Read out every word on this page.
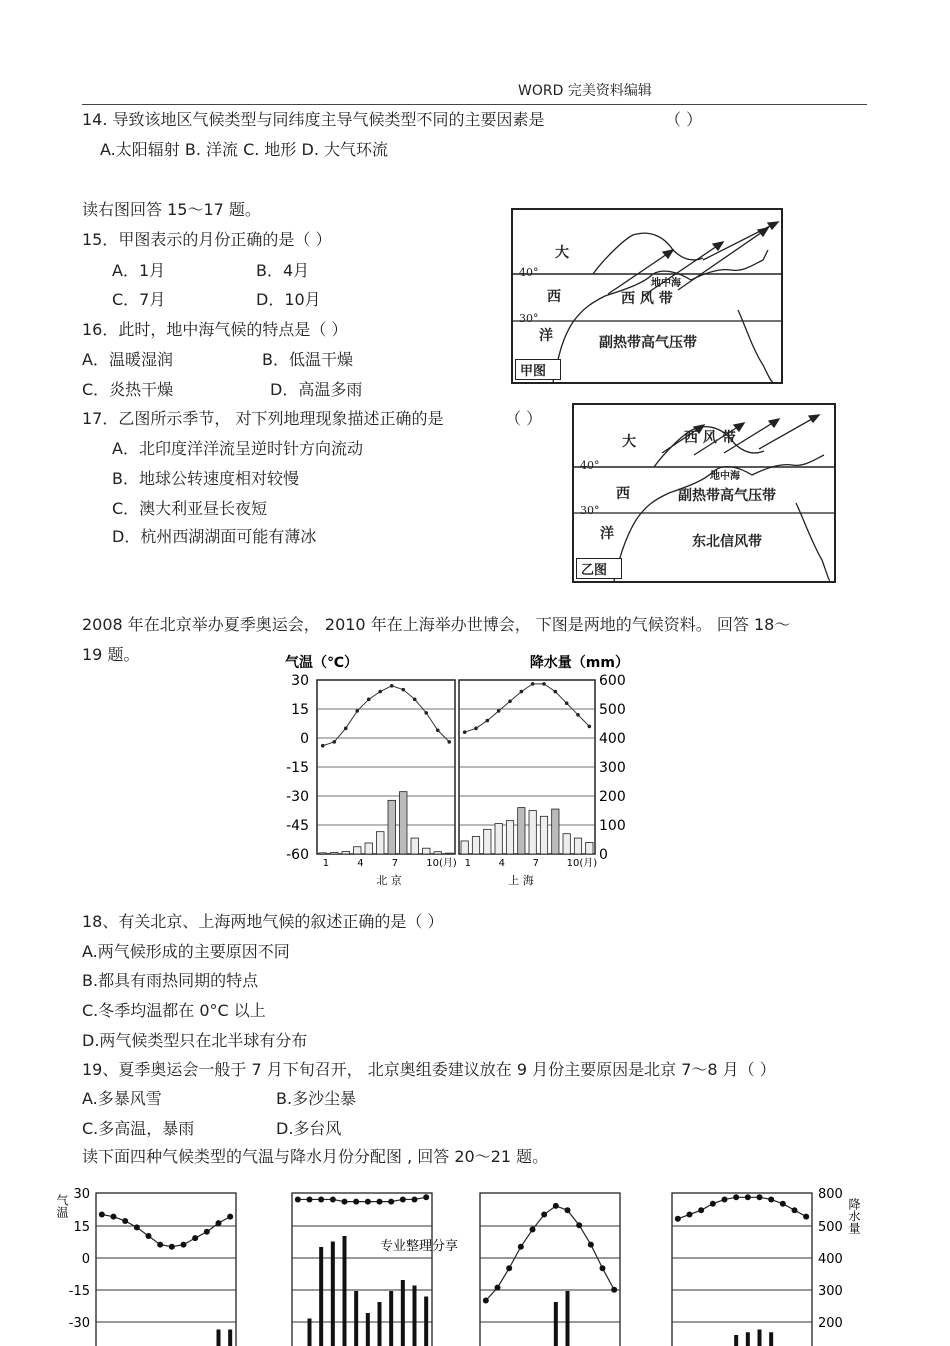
WORD 完美资料编辑
14. 导致该地区气候类型与同纬度主导气候类型不同的主要因素是	（ ）
A.太阳辐射 B. 洋流 C. 地形 D. 大气环流
读右图回答 15～17 题。
15．甲图表示的月份正确的是（ ）
A．1月	B．4月
C．7月	D．10月
16．此时，地中海气候的特点是（ ）
A．温暖湿润	B．低温干燥
C．炎热干燥	D．高温多雨
17．乙图所示季节， 对下列地理现象描述正确的是	（ ）
A．北印度洋洋流呈逆时针方向流动
B．地球公转速度相对较慢
C．澳大利亚昼长夜短
D．杭州西湖湖面可能有薄冰
大
西
洋
40°
30°
西 风 带
地中海
副热带高气压带
甲图
大
西
洋
40°
30°
西 风 带
地中海
副热带高气压带
东北信风带
乙图
2008 年在北京举办夏季奥运会， 2010 年在上海举办世博会， 下图是两地的气候资料。 回答 18～
19 题。	气温（℃）	降水量（mm）
30
15
0
-15
-30
-45
-60
600
500
400
300
200
100
0
1	4	7	10(月) 1	4	7	10(月)
北 京	上 海
18、有关北京、上海两地气候的叙述正确的是（ ）
A.两气候形成的主要原因不同
B.都具有雨热同期的特点
C.冬季均温都在 0°C 以上
D.两气候类型只在北半球有分布
19、夏季奥运会一般于 7 月下旬召开， 北京奥组委建议放在 9 月份主要原因是北京 7～8 月（ ）
A.多暴风雪	B.多沙尘暴
C.多高温，暴雨	D.多台风
读下面四种气候类型的气温与降水月份分配图 , 回答 20～21 题。
气温	降水量
30
15
0
-15
-30
800
500
400
300
200
专业整理分享
